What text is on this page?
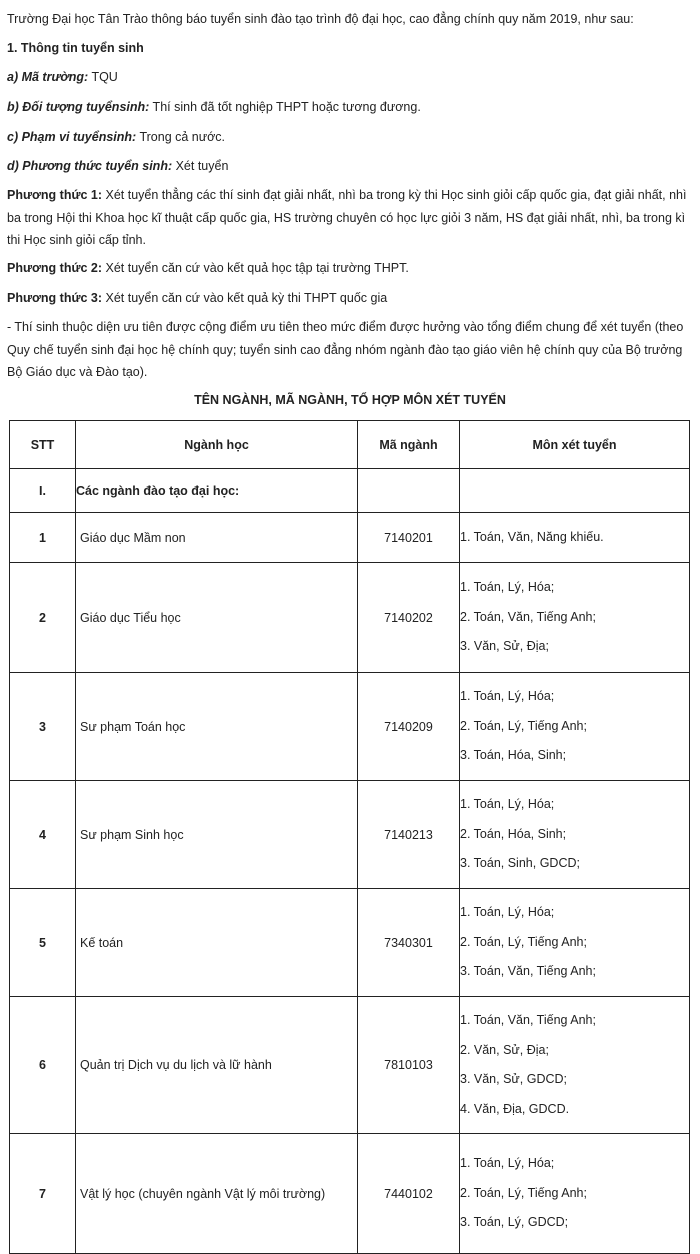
Trường Đại học Tân Trào thông báo tuyển sinh đào tạo trình độ đại học, cao đẳng chính quy năm 2019, như sau:
1. Thông tin tuyển sinh
a) Mã trường: TQU
b) Đối tượng tuyểnsinh: Thí sinh đã tốt nghiệp THPT hoặc tương đương.
c) Phạm vi tuyểnsinh: Trong cả nước.
d) Phương thức tuyển sinh: Xét tuyển
Phương thức 1: Xét tuyển thẳng các thí sinh đạt giải nhất, nhì ba trong kỳ thi Học sinh giỏi cấp quốc gia, đạt giải nhất, nhì ba trong Hội thi Khoa học kĩ thuật cấp quốc gia, HS trường chuyên có học lực giỏi 3 năm, HS đạt giải nhất, nhì, ba trong kì thi Học sinh giỏi cấp tỉnh.
Phương thức 2: Xét tuyển căn cứ vào kết quả học tập tại trường THPT.
Phương thức 3: Xét tuyển căn cứ vào kết quả kỳ thi THPT quốc gia
- Thí sinh thuộc diện ưu tiên được cộng điểm ưu tiên theo mức điểm được hưởng vào tổng điểm chung để xét tuyển (theo Quy chế tuyển sinh đại học hệ chính quy; tuyển sinh cao đẳng nhóm ngành đào tạo giáo viên hệ chính quy của Bộ trưởng Bộ Giáo dục và Đào tạo).
TÊN NGÀNH, MÃ NGÀNH, TỔ HỢP MÔN XÉT TUYỂN
STT	Ngành học	Mã ngành	Môn xét tuyển
I.	Các ngành đào tạo đại học:		
1	Giáo dục Mầm non	7140201	1. Toán, Văn, Năng khiếu.

2	Giáo dục Tiểu học	7140202	1. Toán, Lý, Hóa;
2. Toán, Văn, Tiếng Anh;
3. Văn, Sử, Địa;

3	Sư phạm Toán học	7140209	1. Toán, Lý, Hóa;
2. Toán, Lý, Tiếng Anh;
3. Toán, Hóa, Sinh;

4	Sư phạm Sinh học	7140213	1. Toán, Lý, Hóa;
2. Toán, Hóa, Sinh;
3. Toán, Sinh, GDCD;

5	Kế toán	7340301	1. Toán, Lý, Hóa;
2. Toán, Lý, Tiếng Anh;
3. Toán, Văn, Tiếng Anh;

6	Quản trị Dịch vụ du lịch và lữ hành	7810103	1. Toán, Văn, Tiếng Anh;
2. Văn, Sử, Địa;
3. Văn, Sử, GDCD;
4. Văn, Địa, GDCD.

7	Vật lý học (chuyên ngành Vật lý môi trường)	7440102	1. Toán, Lý, Hóa;
2. Toán, Lý, Tiếng Anh;
3. Toán, Lý, GDCD;
